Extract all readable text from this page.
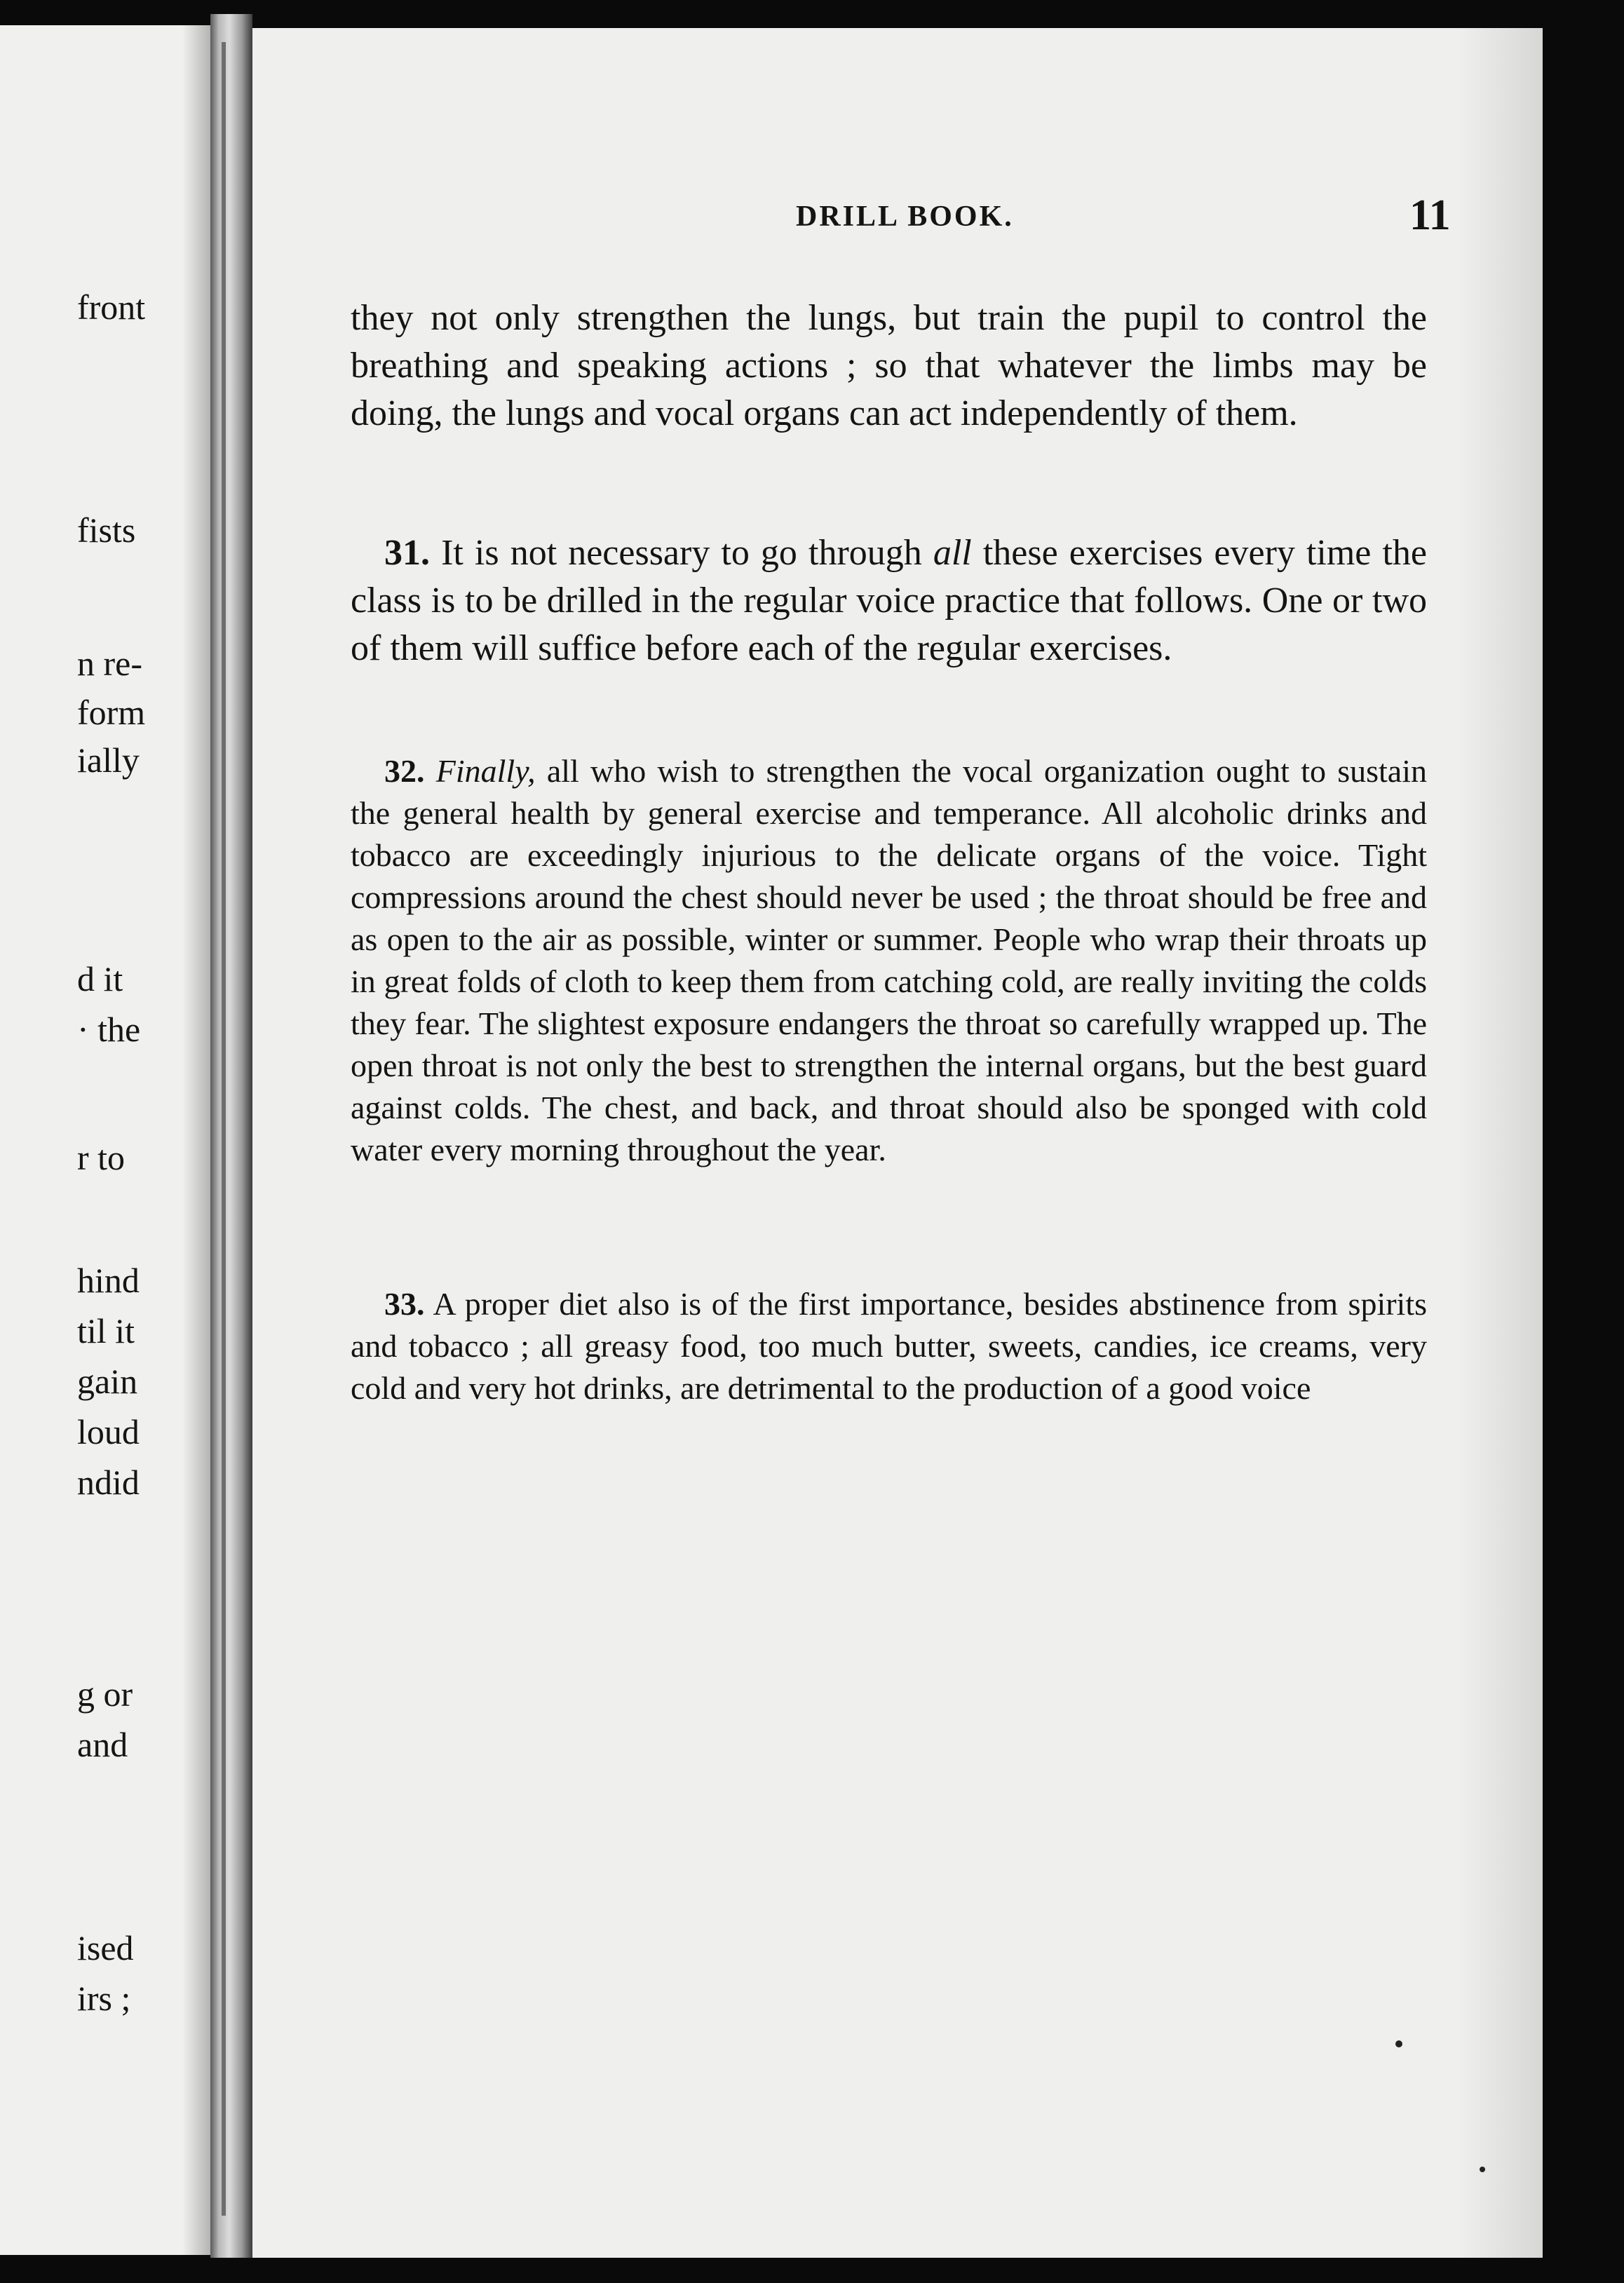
front
fists
n re-
form
ially
d it
· the
r to
hind
til it
gain
loud
ndid
g or
and
ised
irs ;
DRILL BOOK.	11

they not only strengthen the lungs, but train the pupil to control the breathing and speaking actions ; so that whatever the limbs may be doing, the lungs and vocal organs can act independently of them.

31. It is not necessary to go through all these exercises every time the class is to be drilled in the regular voice practice that follows. One or two of them will suffice before each of the regular exercises.

32. Finally, all who wish to strengthen the vocal organization ought to sustain the general health by general exercise and temperance. All alcoholic drinks and tobacco are exceedingly injurious to the delicate organs of the voice. Tight compressions around the chest should never be used ; the throat should be free and as open to the air as possible, winter or summer. People who wrap their throats up in great folds of cloth to keep them from catching cold, are really inviting the colds they fear. The slightest exposure endangers the throat so carefully wrapped up. The open throat is not only the best to strengthen the internal organs, but the best guard against colds. The chest, and back, and throat should also be sponged with cold water every morning throughout the year.

33. A proper diet also is of the first importance, besides abstinence from spirits and tobacco ; all greasy food, too much butter, sweets, candies, ice creams, very cold and very hot drinks, are detrimental to the production of a good voice
